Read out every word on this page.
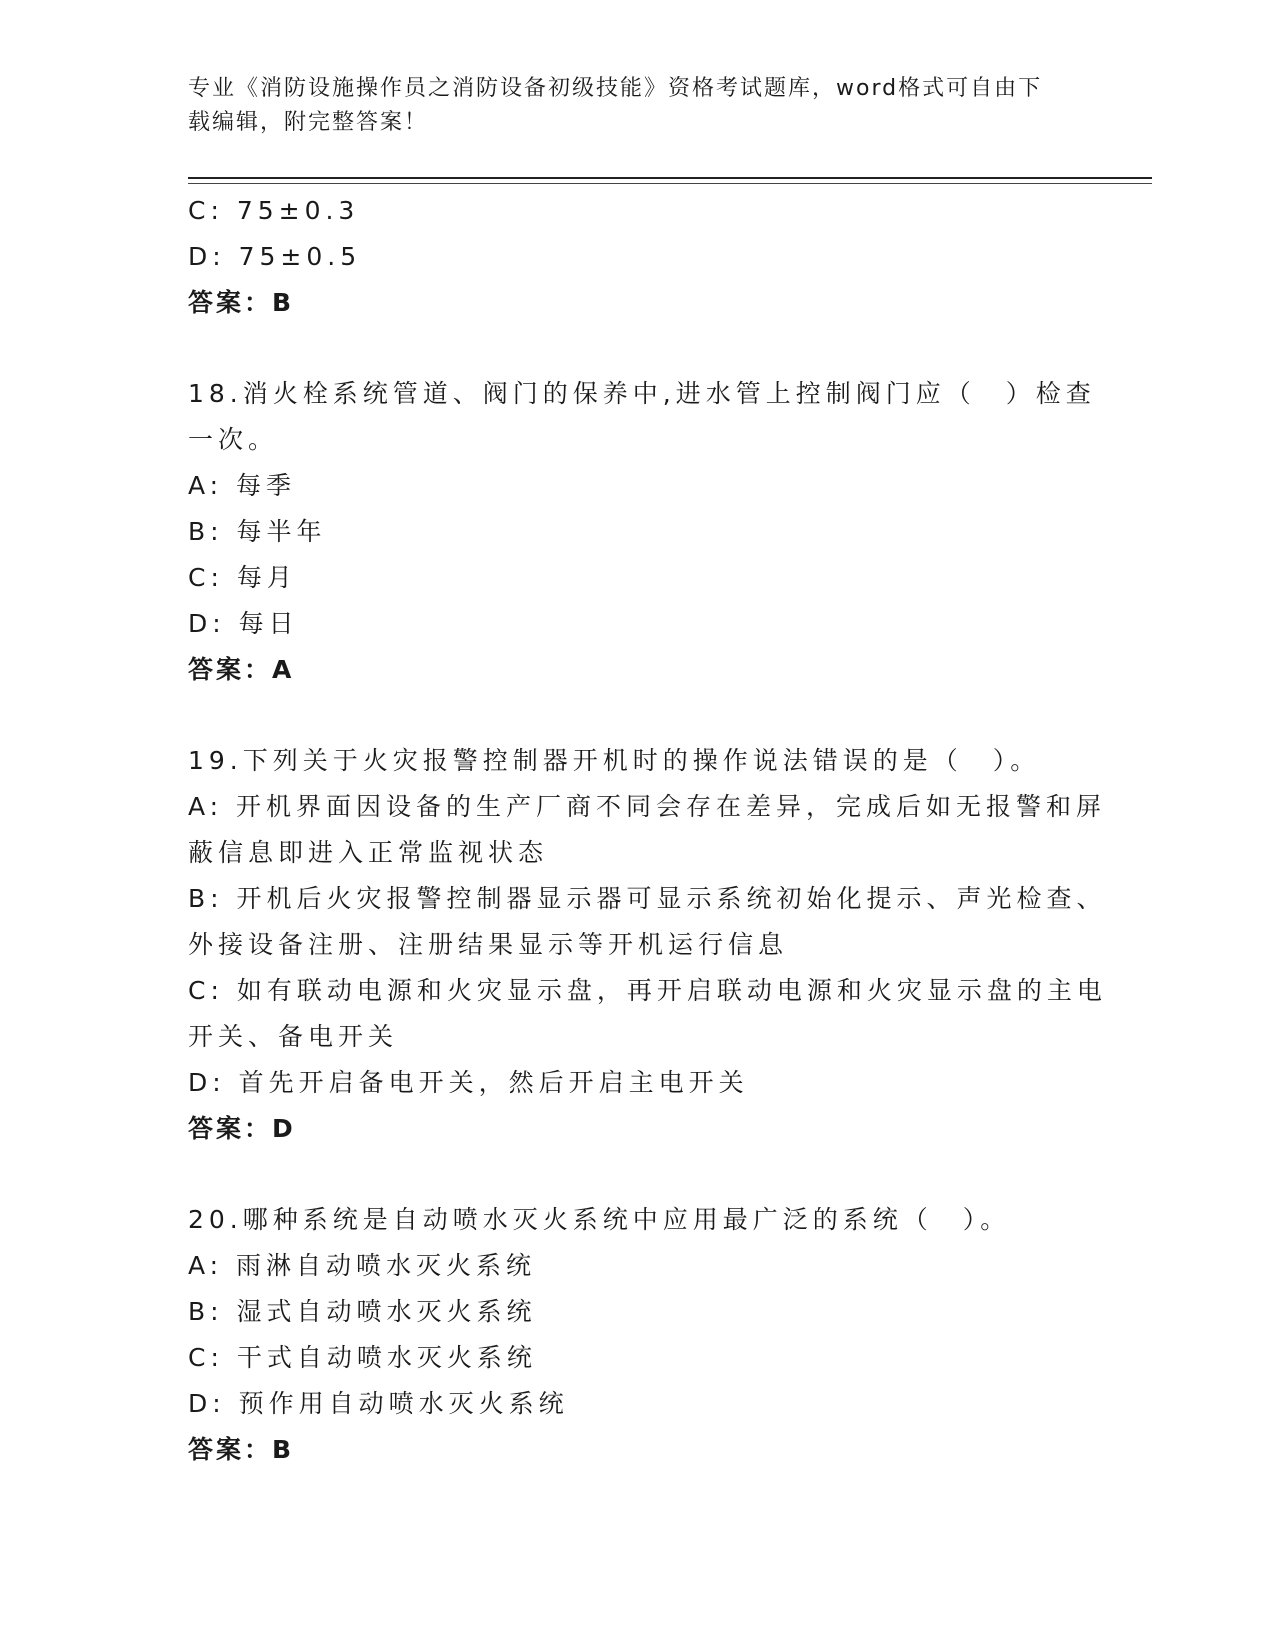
专业《消防设施操作员之消防设备初级技能》资格考试题库，word格式可自由下
载编辑，附完整答案！
C: 75±0.3
D: 75±0.5
答案：B
18.消火栓系统管道、阀门的保养中,进水管上控制阀门应（　）检查
一次。
A: 每季
B: 每半年
C: 每月
D: 每日
答案：A
19.下列关于火灾报警控制器开机时的操作说法错误的是（　）。
A: 开机界面因设备的生产厂商不同会存在差异，完成后如无报警和屏
蔽信息即进入正常监视状态
B: 开机后火灾报警控制器显示器可显示系统初始化提示、声光检查、
外接设备注册、注册结果显示等开机运行信息
C: 如有联动电源和火灾显示盘，再开启联动电源和火灾显示盘的主电
开关、备电开关
D: 首先开启备电开关，然后开启主电开关
答案：D
20.哪种系统是自动喷水灭火系统中应用最广泛的系统（　）。
A: 雨淋自动喷水灭火系统
B: 湿式自动喷水灭火系统
C: 干式自动喷水灭火系统
D: 预作用自动喷水灭火系统
答案：B
